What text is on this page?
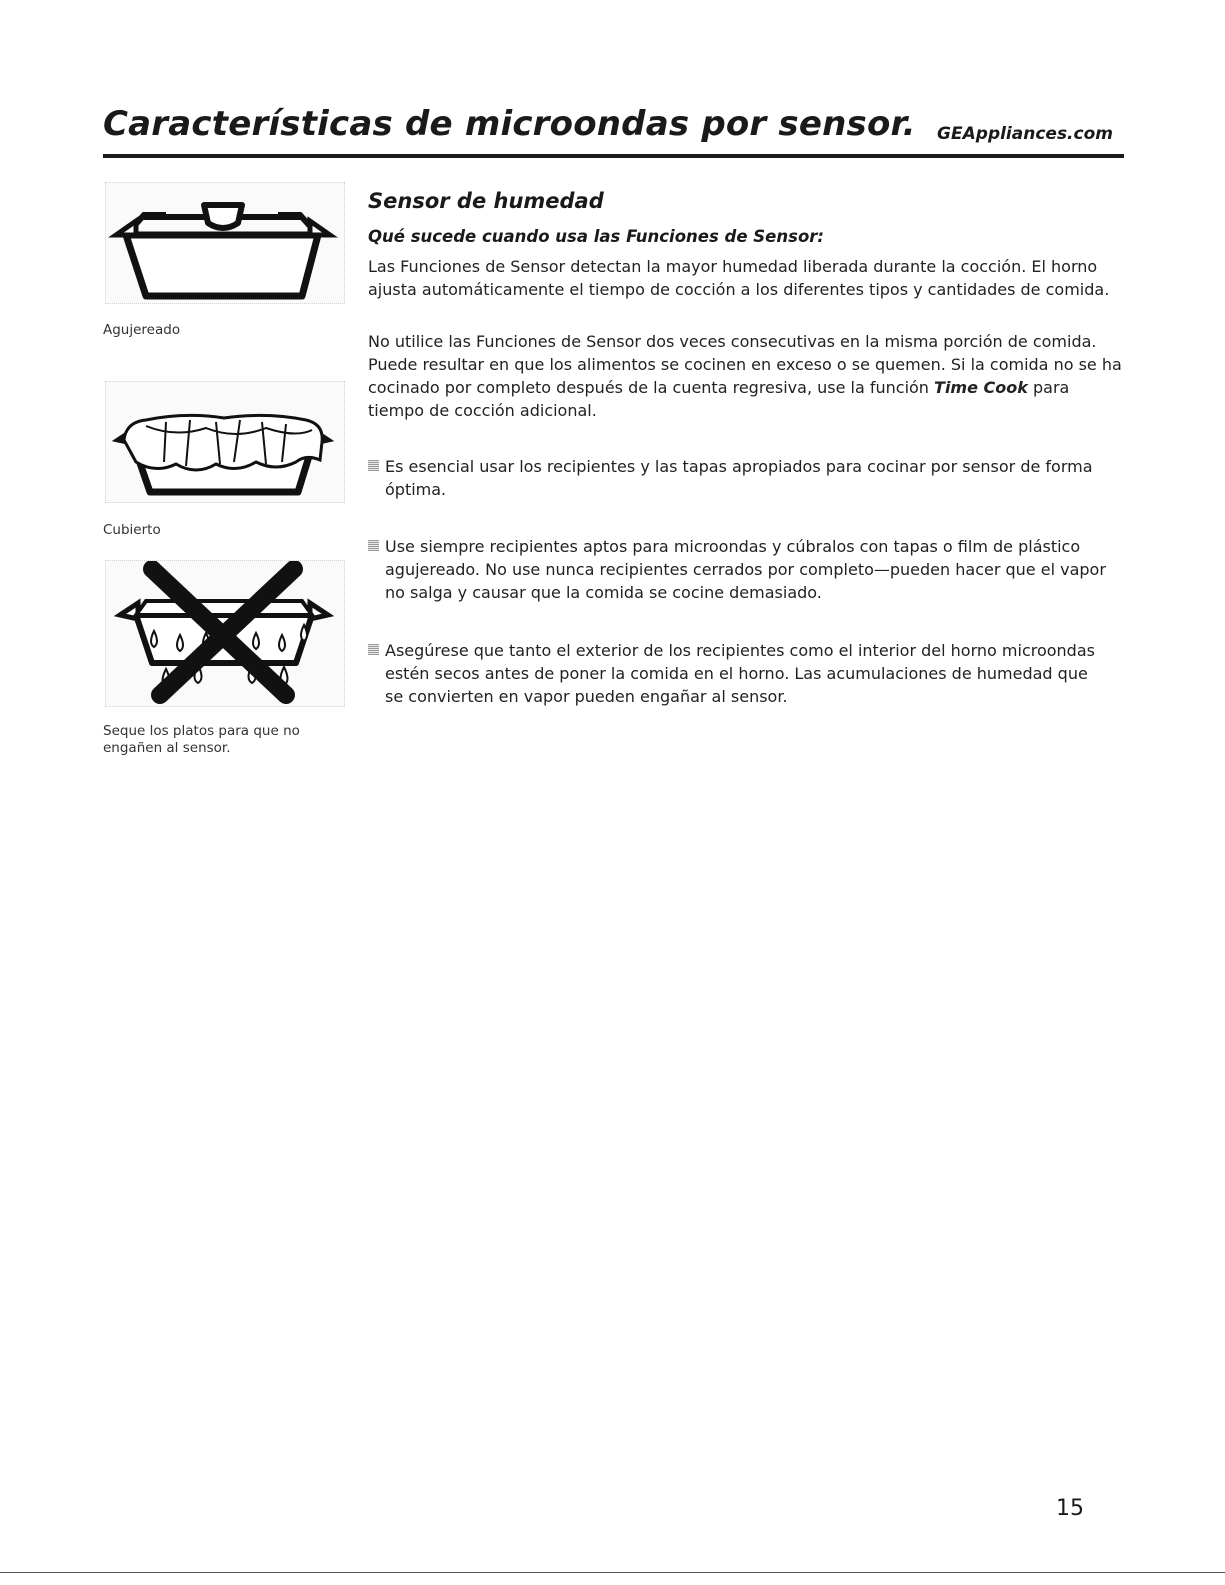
Características de microondas por sensor. GEAppliances.com
Agujereado
Cubierto
Seque los platos para que no engañen al sensor.
Sensor de humedad
Qué sucede cuando usa las Funciones de Sensor:

Las Funciones de Sensor detectan la mayor humedad liberada durante la cocción. El horno ajusta automáticamente el tiempo de cocción a los diferentes tipos y cantidades de comida.

No utilice las Funciones de Sensor dos veces consecutivas en la misma porción de comida. Puede resultar en que los alimentos se cocinen en exceso o se quemen. Si la comida no se ha cocinado por completo después de la cuenta regresiva, use la función Time Cook para tiempo de cocción adicional.

Es esencial usar los recipientes y las tapas apropiados para cocinar por sensor de forma óptima.
Use siempre recipientes aptos para microondas y cúbralos con tapas o film de plástico agujereado. No use nunca recipientes cerrados por completo—pueden hacer que el vapor no salga y causar que la comida se cocine demasiado.
Asegúrese que tanto el exterior de los recipientes como el interior del horno microondas estén secos antes de poner la comida en el horno. Las acumulaciones de humedad que se convierten en vapor pueden engañar al sensor.
15
